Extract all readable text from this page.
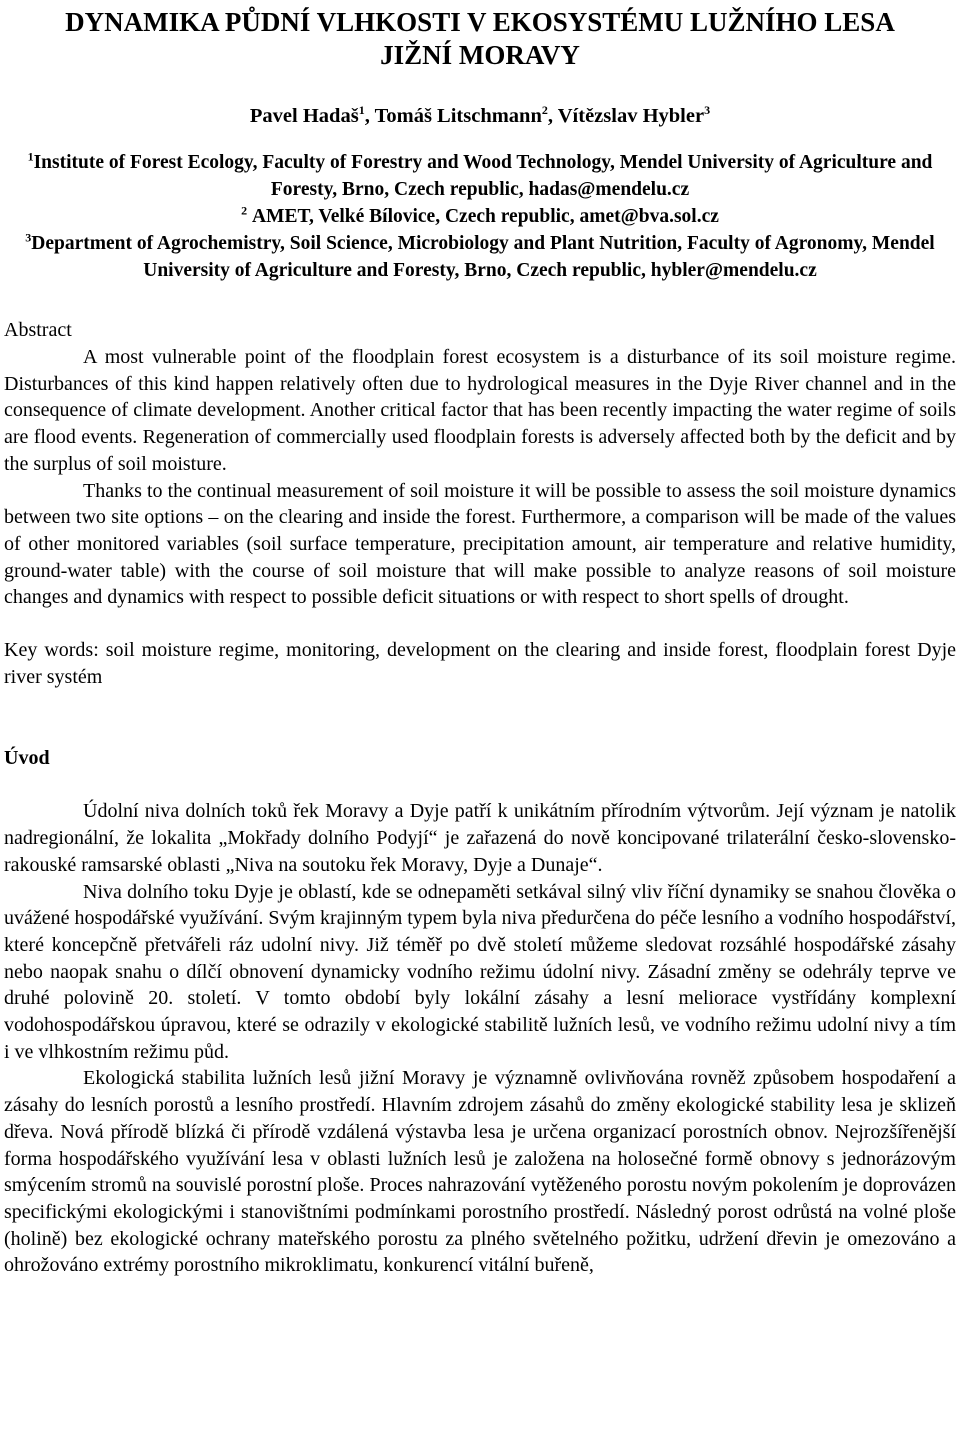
DYNAMIKA PŮDNÍ VLHKOSTI V EKOSYSTÉMU LUŽNÍHO LESA
JIŽNÍ MORAVY

Pavel Hadaš$^1$, Tomáš Litschmann$^2$, Vítězslav Hybler$^3$

$^1$Institute of Forest Ecology, Faculty of Forestry and Wood Technology, Mendel University of Agriculture and Foresty, Brno, Czech republic, hadas@mendelu.cz

$^2$ AMET, Velké Bílovice, Czech republic, amet@bva.sol.cz

$^3$Department of Agrochemistry, Soil Science, Microbiology and Plant Nutrition, Faculty of Agronomy, Mendel University of Agriculture and Foresty, Brno, Czech republic, hybler@mendelu.cz

Abstract

A most vulnerable point of the floodplain forest ecosystem is a disturbance of its soil moisture regime. Disturbances of this kind happen relatively often due to hydrological measures in the Dyje River channel and in the consequence of climate development. Another critical factor that has been recently impacting the water regime of soils are flood events. Regeneration of commercially used floodplain forests is adversely affected both by the deficit and by the surplus of soil moisture.

Thanks to the continual measurement of soil moisture it will be possible to assess the soil moisture dynamics between two site options – on the clearing and inside the forest. Furthermore, a comparison will be made of the values of other monitored variables (soil surface temperature, precipitation amount, air temperature and relative humidity, ground-water table) with the course of soil moisture that will make possible to analyze reasons of soil moisture changes and dynamics with respect to possible deficit situations or with respect to short spells of drought.

Key words: soil moisture regime, monitoring, development on the clearing and inside forest, floodplain forest Dyje river systém

Úvod

Údolní niva dolních toků řek Moravy a Dyje patří k unikátním přírodním výtvorům. Její význam je natolik nadregionální, že lokalita „Mokřady dolního Podyjí“ je zařazená do nově koncipované trilaterální česko-slovensko-rakouské ramsarské oblasti „Niva na soutoku řek Moravy, Dyje a Dunaje“.

Niva dolního toku Dyje je oblastí, kde se odnepaměti setkával silný vliv říční dynamiky se snahou člověka o uvážené hospodářské využívání. Svým krajinným typem byla niva předurčena do péče lesního a vodního hospodářství, které koncepčně přetvářeli ráz udolní nivy. Již téměř po dvě století můžeme sledovat rozsáhlé hospodářské zásahy nebo naopak snahu o dílčí obnovení dynamicky vodního režimu údolní nivy. Zásadní změny se odehrály teprve ve druhé polovině 20. století. V tomto období byly lokální zásahy a lesní meliorace vystřídány komplexní vodohospodářskou úpravou, které se odrazily v ekologické stabilitě lužních lesů, ve vodního režimu udolní nivy a tím i ve vlhkostním režimu půd.

Ekologická stabilita lužních lesů jižní Moravy je významně ovlivňována rovněž způsobem hospodaření a zásahy do lesních porostů a lesního prostředí. Hlavním zdrojem zásahů do změny ekologické stability lesa je sklizeň dřeva. Nová přírodě blízká či přírodě vzdálená výstavba lesa je určena organizací porostních obnov. Nejrozšířenější forma hospodářského využívání lesa v oblasti lužních lesů je založena na holosečné formě obnovy s jednorázovým smýcením stromů na souvislé porostní ploše. Proces nahrazování vytěženého porostu novým pokolením je doprovázen specifickými ekologickými i stanovištními podmínkami porostního prostředí. Následný porost odrůstá na volné ploše (holině) bez ekologické ochrany mateřského porostu za plného světelného požitku, udržení dřevin je omezováno a ohrožováno extrémy porostního mikroklimatu, konkurencí vitální buřeně,
